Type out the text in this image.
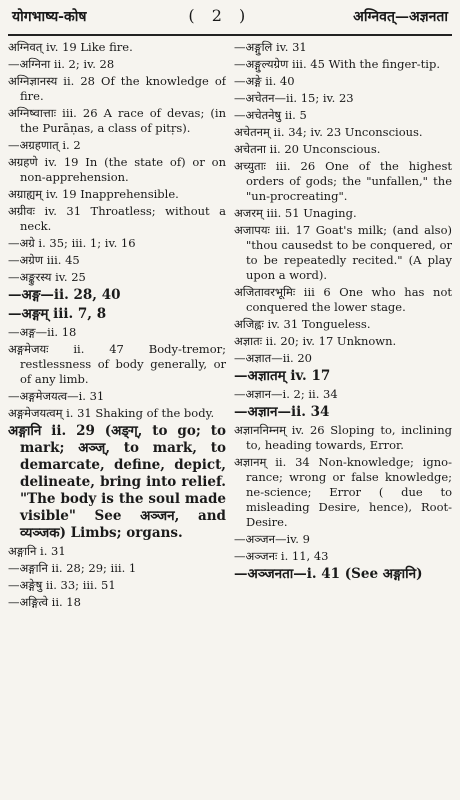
योगभाष्य-कोष	( 2 )	अग्निवत्—अज्ञनता

अग्निवत् iv. 19 Like fire.

—अग्निना ii. 2; iv. 28

अग्निज्ञानस्य ii. 28 Of the knowledge of fire.

अग्निष्वात्ताः iii. 26 A race of devas; (in the Purāṇas, a class of pitṛs).

—अग्रहणात् i. 2

अग्रहणे iv. 19 In (the state of) or on non-apprehension.

अग्राह्यम् iv. 19 Inapprehensible.

अग्रीवः iv. 31 Throatless; without a neck.

—अग्रे i. 35; iii. 1; iv. 16

—अग्रेण iii. 45

—अङ्कुरस्य iv. 25

—अङ्ग—ii. 28, 40

—अङ्गम् iii. 7, 8

—अङ्ग—ii. 18

अङ्गमेजयः ii. 47 Body-tremor; restlessness of body generally, or of any limb.

—अङ्गमेजयत्व—i. 31

अङ्गमेजयत्वम् i. 31 Shaking of the body.

अङ्गानि ii. 29 (अङ्ग्, to go; to mark; अञ्ज्, to mark, to demarcate, define, depict, delineate, bring into relief. "The body is the soul made visible" See अञ्जन, and व्यञ्जक) Limbs; organs.

अङ्गानि i. 31

—अङ्गानि ii. 28; 29; iii. 1

—अङ्गेषु ii. 33; iii. 51

—अङ्गित्वे ii. 18

—अङ्गुलि iv. 31

—अङ्गुल्यग्रेण iii. 45 With the finger-tip.

—अङ्गे ii. 40

—अचेतन—ii. 15; iv. 23

—अचेतनेषु ii. 5

अचेतनम् ii. 34; iv. 23 Unconscious.

अचेतना ii. 20 Unconscious.

अच्युताः iii. 26 One of the highest orders of gods; the "unfallen," the "un-procreating".

अजरम् iii. 51 Unaging.

अजापयः iii. 17 Goat's milk; (and also) "thou causedst to be conquered, or to be repeatedly recited." (A play upon a word).

अजितावरभूमिः iii 6 One who has not conquered the lower stage.

अजिह्वः iv. 31 Tongueless.

अज्ञातः ii. 20; iv. 17 Unknown.

—अज्ञात—ii. 20

—अज्ञातम् iv. 17

—अज्ञान—i. 2; ii. 34

—अज्ञान—ii. 34

अज्ञाननिम्नम् iv. 26 Sloping to, inclining to, heading towards, Error.

अज्ञानम् ii. 34 Non-knowledge; igno-rance; wrong or false knowledge; ne-science; Error ( due to misleading Desire, hence), Root-Desire.

—अञ्जन—iv. 9

—अञ्जनः i. 11, 43

—अञ्जनता—i. 41 (See अङ्गानि)
